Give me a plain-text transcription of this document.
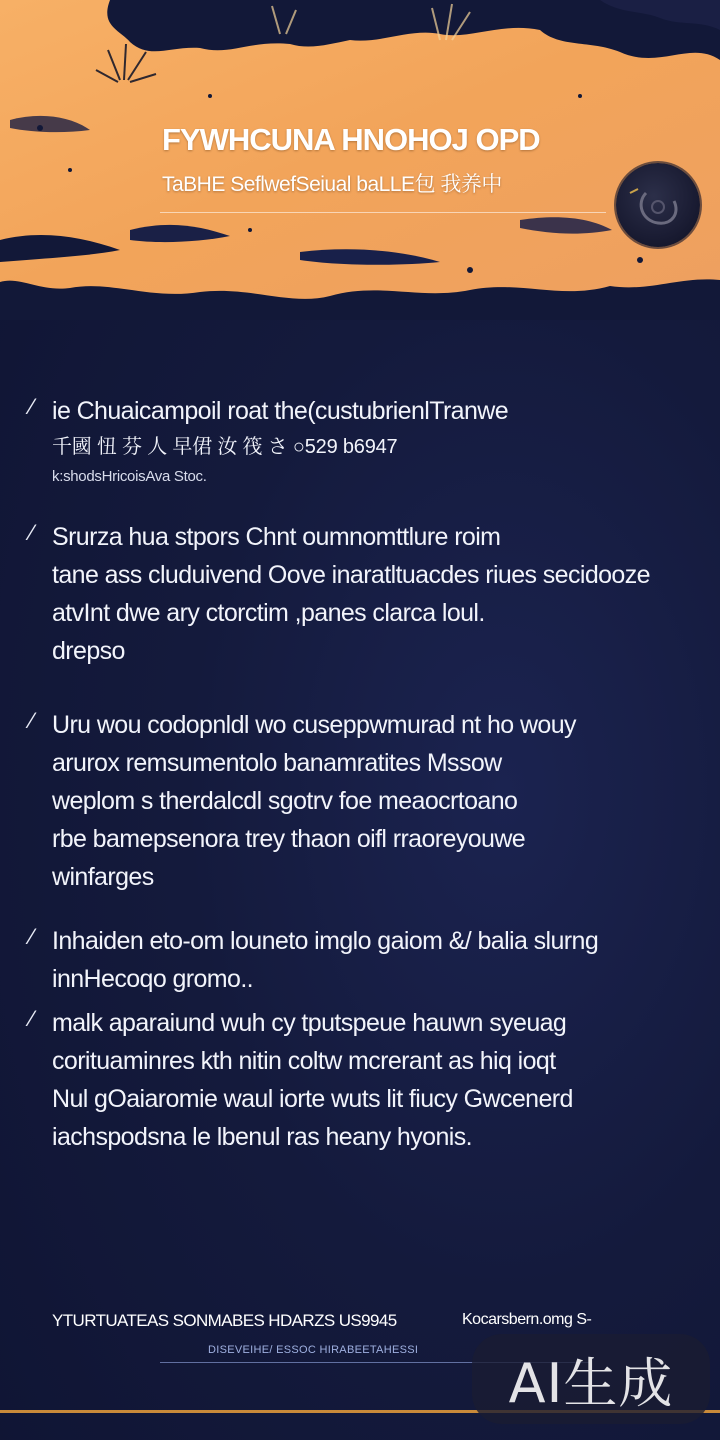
FYWHCUNA HNOHOJ OPD
TaBHE SeflwefSeiual baLLE包 我养中
⁄ ie Chuaicampoil roat the(custubrienlTranwe
千國 忸 芬 人 早侰 汝 筏 さ ○529 b6947
k:shodsHricoisAva Stoc.
⁄ Srurza hua stpors Chnt oumnomttlure roim
tane ass cluduivend Oove inaratltuacdes riues secidooze
atvInt dwe ary ctorctim ,panes clarca loul.
drepso
⁄ Uru wou codopnldl wo cuseppwmurad nt ho wouy
arurox remsumentolo banamratites Mssow
weplom s therdalcdl sgotrv foe meaocrtoano
rbe bamepsenora trey thaon oifl rraoreyouwe
winfarges
⁄ Inhaiden eto-om louneto imglo gaiom &/ balia slurng
innHecoqo gromo..
⁄ malk aparaiund wuh cy tputspeue hauwn syeuag
corituaminres kth nitin coltw mcrerant as hiq ioqt
Nul gOaiaromie waul iorte wuts lit fiucy Gwcenerd
iachspodsna le lbenul ras heany hyonis.
YTURTUATEAS SONMABES HDARZS US9945	Kocarsbern.omg S-
DISEVEIHE/ ESSOC HIRABEETAHESSI
AI生成
